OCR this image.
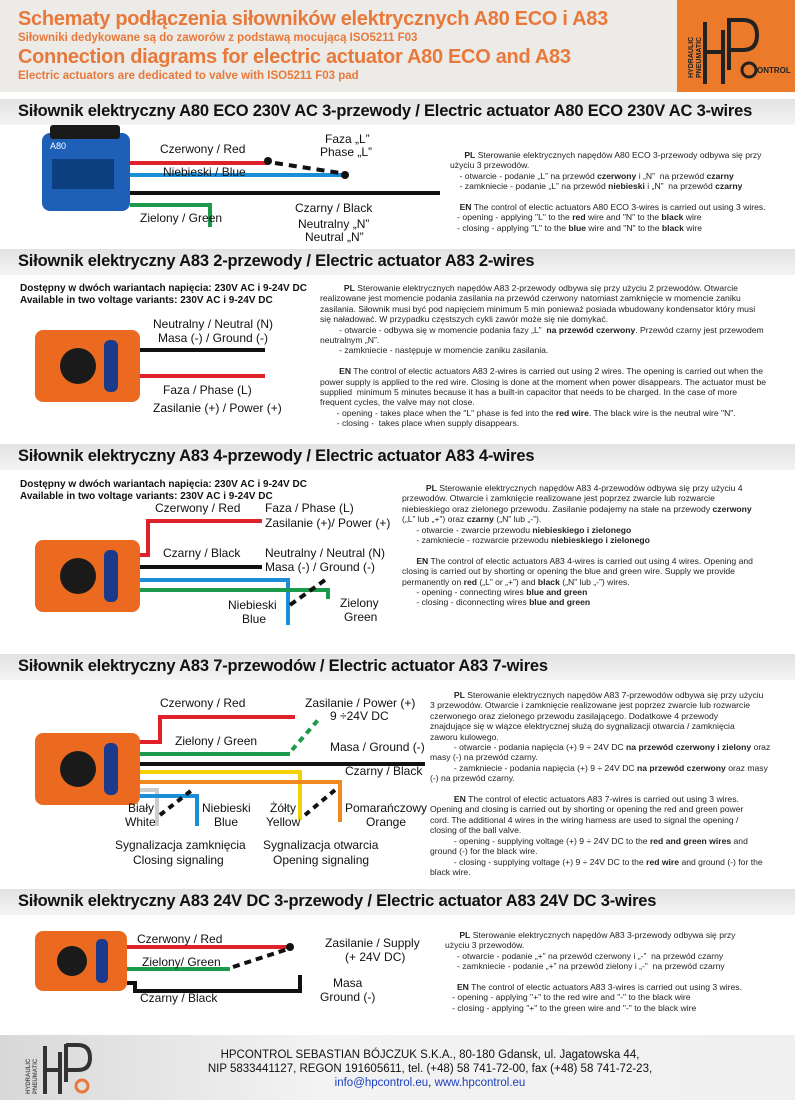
Schematy podłączenia siłowników elektrycznych A80 ECO i A83
Siłowniki dedykowane są do zaworów z podstawą mocującą ISO5211 F03
Connection diagrams for electric actuator A80 ECO and A83
Electric actuators are dedicated to valve with ISO5211 F03 pad	HYDRAULIC PNEUMATIC	ONTROL
Siłownik elektryczny A80 ECO 230V AC 3-przewody / Electric actuator A80 ECO 230V AC 3-wires
A80	Czerwony / Red
Niebieski / Blue
Zielony / Green
Faza „L”
Phase „L”
Czarny / Black
Neutralny „N”
Neutral „N”
PL Sterowanie elektrycznych napędów A80 ECO 3-przewody odbywa się przy
użyciu 3 przewodów.
- otwarcie - podanie „L” na przewód czerwony i „N”  na przewód czarny
- zamkniecie - podanie „L” na przewód niebieski i „N”  na przewód czarny

EN The control of electic actuators A80 ECO 3-wires is carried out using 3 wires.
- opening - applying "L" to the red wire and "N" to the black wire
- closing - applying "L" to the blue wire and "N" to the black wire
Siłownik elektryczny A83 2-przewody / Electric actuator A83 2-wires
Dostępny w dwóch wariantach napięcia: 230V AC i 9-24V DC
Available in two voltage variants: 230V AC i 9-24V DC
Neutralny / Neutral (N)
Masa (-) / Ground (-)
Faza / Phase (L)
Zasilanie (+) / Power (+)
PL Sterowanie elektrycznych napędów A83 2-przewody odbywa się przy użyciu 2 przewodów. Otwarcie
realizowane jest momencie podania zasilania na przewód czerwony natomiast zamknięcie w momencie zaniku
zasilania. Siłownik musi być pod napięciem minimum 5 min ponieważ posiada wbudowany kondensator który musi
się naładować. W przypadku częstszych cykli zawór może się nie domykać.
- otwarcie - odbywa się w momencie podania fazy „L”  na przewód czerwony. Przewód czarny jest przewodem
neutralnym „N”.
- zamkniecie - następuje w momencie zaniku zasilania.

EN The control of electic actuators A83 2-wires is carried out using 2 wires. The opening is carried out when the
power supply is applied to the red wire. Closing is done at the moment when power disappears. The actuator must be
supplied  minimum 5 minutes because it has a built-in capacitor that needs to be charged. In the case of more
frequent cycles, the valve may not close.
- opening - takes place when the "L" phase is fed into the red wire. The black wire is the neutral wire "N".
- closing -  takes place when supply disappears.
Siłownik elektryczny A83 4-przewody / Electric actuator A83 4-wires
Dostępny w dwóch wariantach napięcia: 230V AC i 9-24V DC
Available in two voltage variants: 230V AC i 9-24V DC
Czerwony / Red Faza / Phase (L)
Zasilanie (+)/ Power (+)
Czarny / Black Neutralny / Neutral (N)
Masa (-) / Ground (-)
Niebieski
Blue
Zielony
Green
PL Sterowanie elektrycznych napędów A83 4-przewodów odbywa się przy użyciu 4
przewodów. Otwarcie i zamknięcie realizowane jest poprzez zwarcie lub rozwarcie
niebieskiego oraz zielonego przewodu. Zasilanie podajemy na stałe na przewody czerwony
(„L” lub „+”) oraz czarny („N” lub „-”).
- otwarcie - zwarcie przewodu niebieskiego i zielonego
- zamkniecie - rozwarcie przewodu niebieskiego i zielonego

EN The control of electic actuators A83 4-wires is carried out using 4 wires. Opening and
closing is carried out by shorting or opening the blue and green wire. Supply we provide
permanently on red („L” or „+”) and black („N” lub „-”) wires.
- opening - connecting wires blue and green
- closing - diconnecting wires blue and green
Siłownik elektryczny A83 7-przewodów / Electric actuator A83 7-wires
Czerwony / Red	Zasilanie / Power (+)
9 ÷24V DC
Zielony / Green	Masa / Ground (-)
Czarny / Black
Biały
White
Niebieski
Blue
Żółty
Yellow
Pomarańczowy
Orange
Sygnalizacja zamknięcia
Closing signaling
Sygnalizacja otwarcia
Opening signaling
PL Sterowanie elektrycznych napędów A83 7-przewodów odbywa się przy użyciu
3 przewodów. Otwarcie i zamknięcie realizowane jest poprzez zwarcie lub rozwarcie
czerwonego oraz zielonego przewodu zasilającego. Dodatkowe 4 przewody
znajdujące się w wiązce elektrycznej służą do sygnalizacji otwarcia / zamknięcia
zaworu kulowego.
- otwarcie - podania napięcia (+) 9 ÷ 24V DC na przewód czerwony i zielony oraz
masy (-) na przewód czarny.
- zamkniecie - podania napięcia (+) 9 ÷ 24V DC na przewód czerwony oraz masy
(-) na przewód czarny.

EN The control of electic actuators A83 7-wires is carried out using 3 wires.
Opening and closing is carried out by shorting or opening the red and green power
cord. The additional 4 wires in the wiring harness are used to signal the opening /
closing of the ball valve.
- opening - supplying voltage (+) 9 ÷ 24V DC to the red and green wires and
ground (-) for the black wire.
- closing - supplying voltage (+) 9 ÷ 24V DC to the red wire and ground (-) for the
black wire.
Siłownik elektryczny A83 24V DC 3-przewody / Electric actuator A83 24V DC 3-wires
Czerwony / Red
Zielony/ Green
Czarny / Black
Zasilanie / Supply
(+ 24V DC)
Masa
Ground (-)
PL Sterowanie elektrycznych napędów A83 3-przewody odbywa się przy
użyciu 3 przewodów.
- otwarcie - podanie „+” na przewód czerwony i „-”  na przewód czarny
- zamkniecie - podanie „+” na przewód zielony i „-”  na przewód czarny

EN The control of electic actuators A83 3-wires is carried out using 3 wires.
- opening - applying "+" to the red wire and "-" to the black wire
- closing - applying "+" to the green wire and "-" to the black wire
HYDRAULIC PNEUMATIC
HPCONTROL SEBASTIAN BÓJCZUK S.K.A., 80-180 Gdansk, ul. Jagatowska 44,
NIP 5833441127, REGON 191605611, tel. (+48) 58 741-72-00, fax (+48) 58 741-72-23,
info@hpcontrol.eu, www.hpcontrol.eu
